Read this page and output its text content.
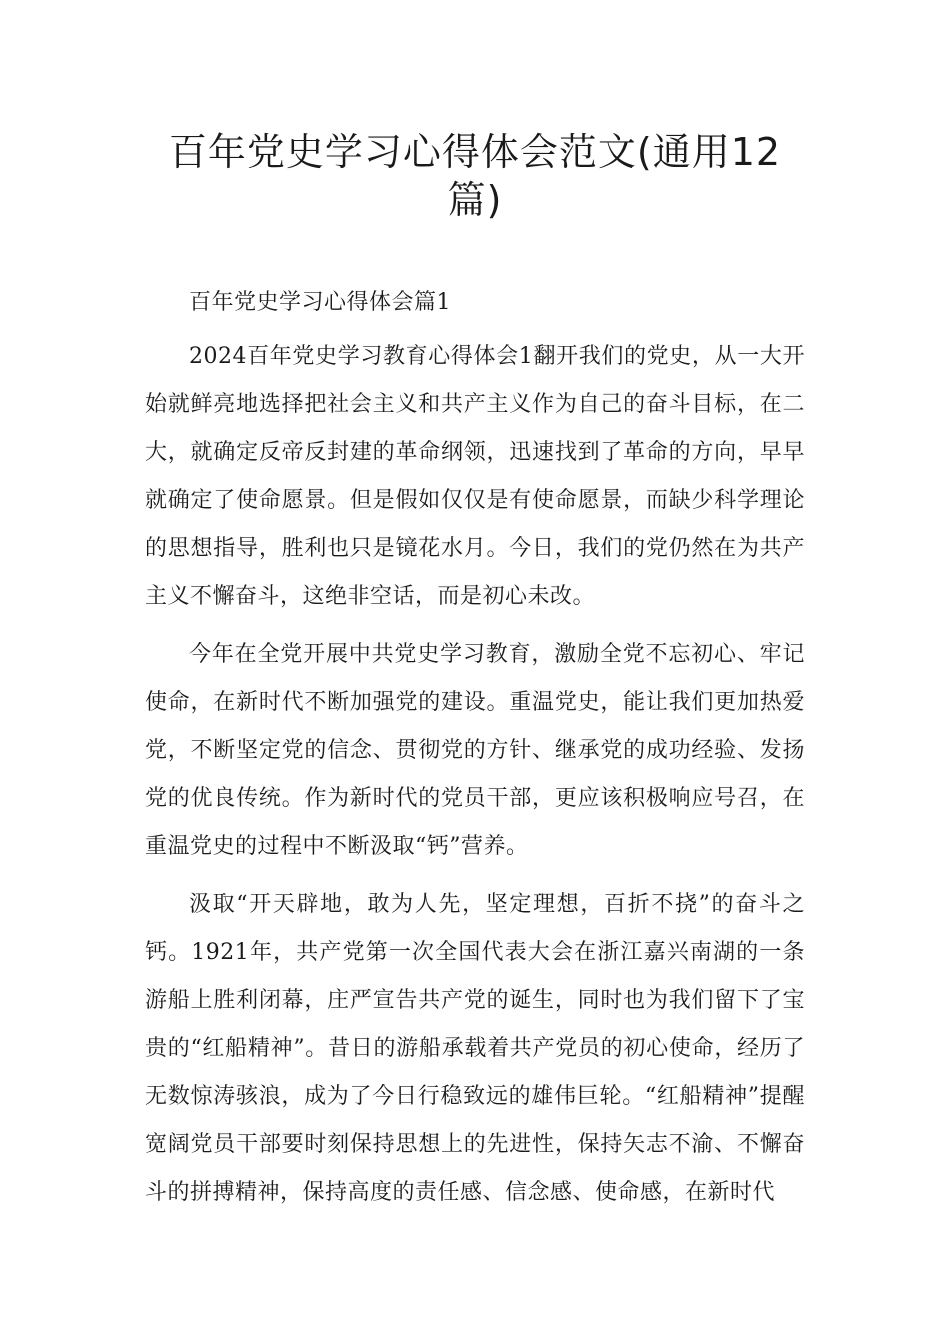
百年党史学习心得体会范文(通用12篇)

百年党史学习心得体会篇1

2024百年党史学习教育心得体会1翻开我们的党史，从一大开始就鲜亮地选择把社会主义和共产主义作为自己的奋斗目标，在二大，就确定反帝反封建的革命纲领，迅速找到了革命的方向，早早就确定了使命愿景。但是假如仅仅是有使命愿景，而缺少科学理论的思想指导，胜利也只是镜花水月。今日，我们的党仍然在为共产主义不懈奋斗，这绝非空话，而是初心未改。

今年在全党开展中共党史学习教育，激励全党不忘初心、牢记使命，在新时代不断加强党的建设。重温党史，能让我们更加热爱党，不断坚定党的信念、贯彻党的方针、继承党的成功经验、发扬党的优良传统。作为新时代的党员干部，更应该积极响应号召，在重温党史的过程中不断汲取“钙”营养。

汲取“开天辟地，敢为人先，坚定理想，百折不挠”的奋斗之钙。1921年，共产党第一次全国代表大会在浙江嘉兴南湖的一条游船上胜利闭幕，庄严宣告共产党的诞生，同时也为我们留下了宝贵的“红船精神”。昔日的游船承载着共产党员的初心使命，经历了无数惊涛骇浪，成为了今日行稳致远的雄伟巨轮。“红船精神”提醒宽阔党员干部要时刻保持思想上的先进性，保持矢志不渝、不懈奋斗的拼搏精神，保持高度的责任感、信念感、使命感，在新时代
